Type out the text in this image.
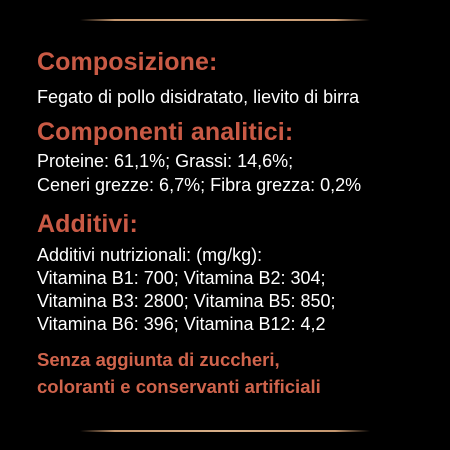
Composizione:

Fegato di pollo disidratato, lievito di birra

Componenti analitici:

Proteine: 61,1%; Grassi: 14,6%;

Ceneri grezze: 6,7%; Fibra grezza: 0,2%

Additivi:

Additivi nutrizionali: (mg/kg):

Vitamina B1: 700; Vitamina B2: 304;

Vitamina B3: 2800; Vitamina B5: 850;

Vitamina B6: 396; Vitamina B12: 4,2

Senza aggiunta di zuccheri,

coloranti e conservanti artificiali
